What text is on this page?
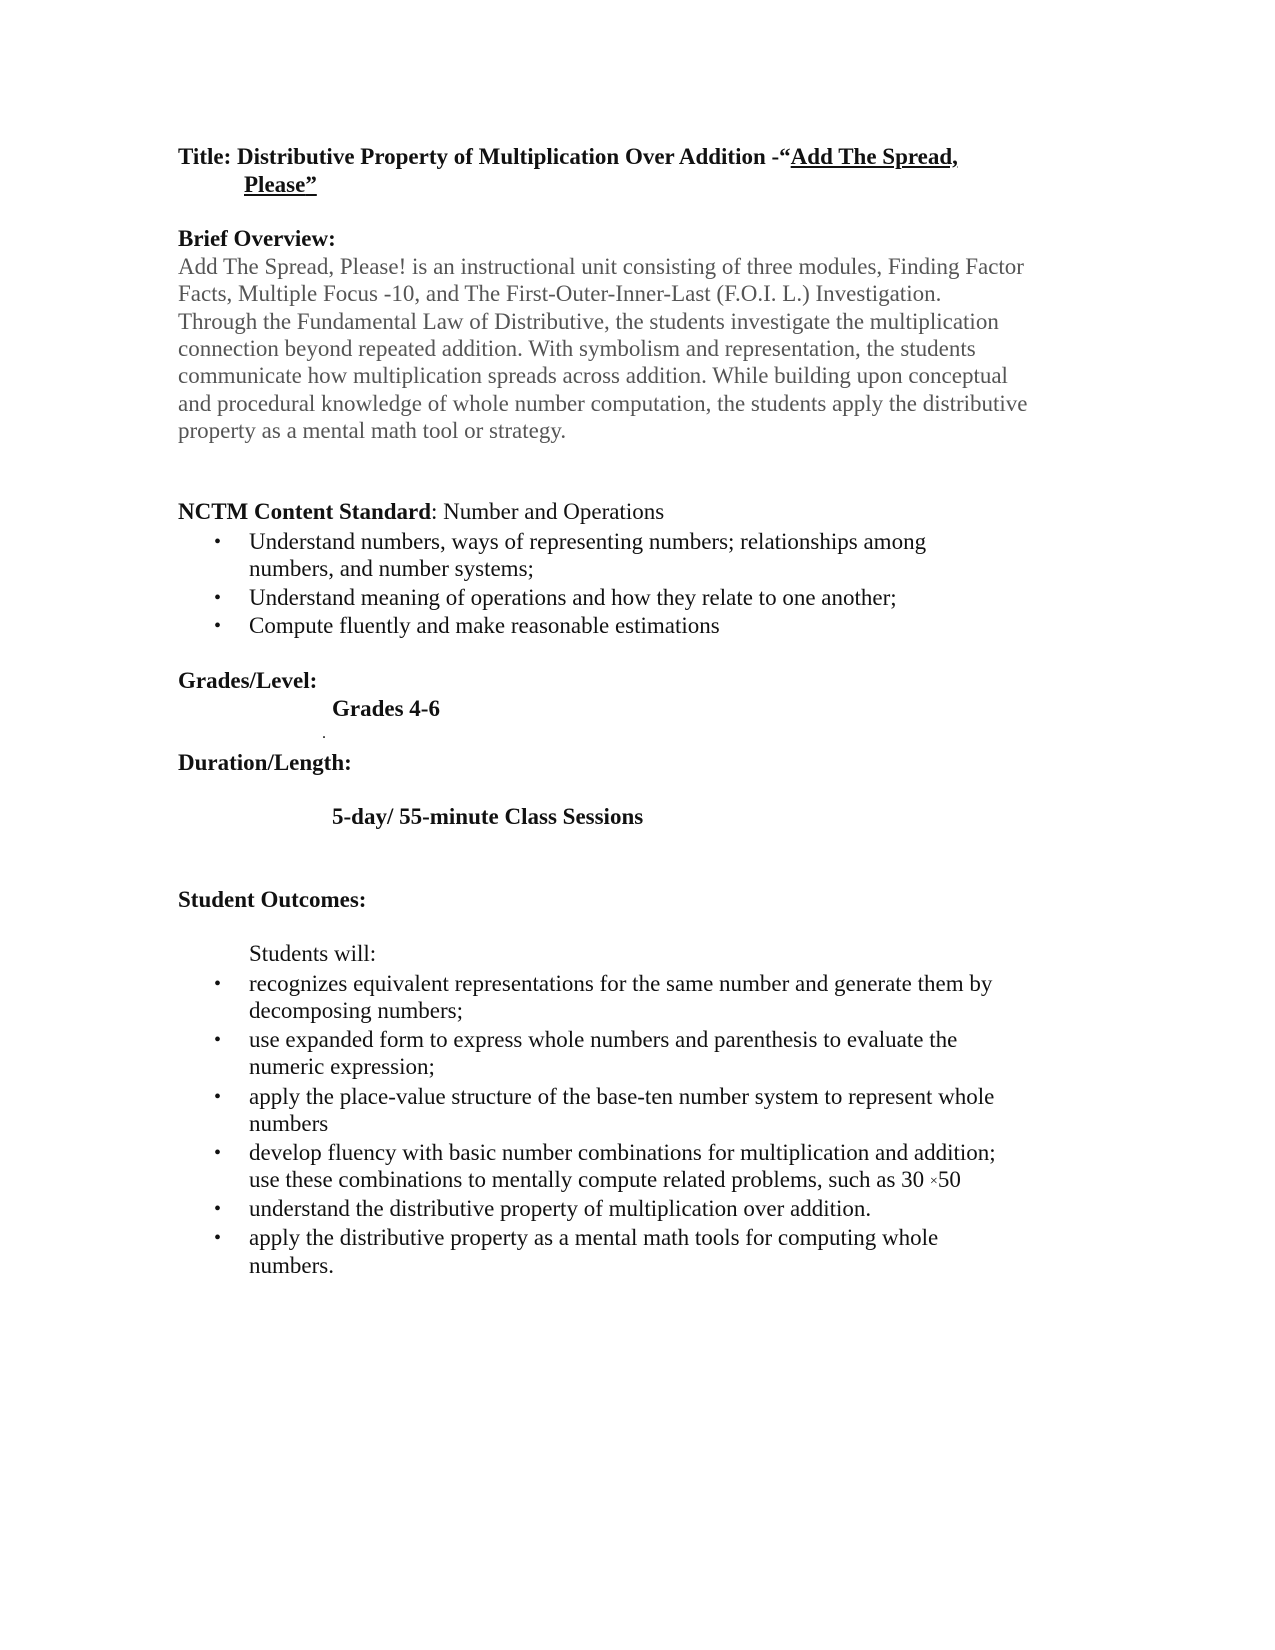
Title: Distributive Property of Multiplication Over Addition -“Add The Spread,
Please”
Brief Overview:
Add The Spread, Please! is an instructional unit consisting of three modules, Finding Factor
Facts, Multiple Focus -10, and The First-Outer-Inner-Last (F.O.I. L.) Investigation.
Through the Fundamental Law of Distributive, the students investigate the multiplication
connection beyond repeated addition. With symbolism and representation, the students
communicate how multiplication spreads across addition. While building upon conceptual
and procedural knowledge of whole number computation, the students apply the distributive
property as a mental math tool or strategy.
NCTM Content Standard: Number and Operations
• Understand numbers, ways of representing numbers; relationships among
numbers, and number systems;
• Understand meaning of operations and how they relate to one another;
• Compute fluently and make reasonable estimations
Grades/Level:
Grades 4-6
.
Duration/Length:
5-day/ 55-minute Class Sessions
Student Outcomes:
Students will:
• recognizes equivalent representations for the same number and generate them by
decomposing numbers;
• use expanded form to express whole numbers and parenthesis to evaluate the
numeric expression;
• apply the place-value structure of the base-ten number system to represent whole
numbers
• develop fluency with basic number combinations for multiplication and addition;
use these combinations to mentally compute related problems, such as 30 ×50
• understand the distributive property of multiplication over addition.
• apply the distributive property as a mental math tools for computing whole
numbers.
